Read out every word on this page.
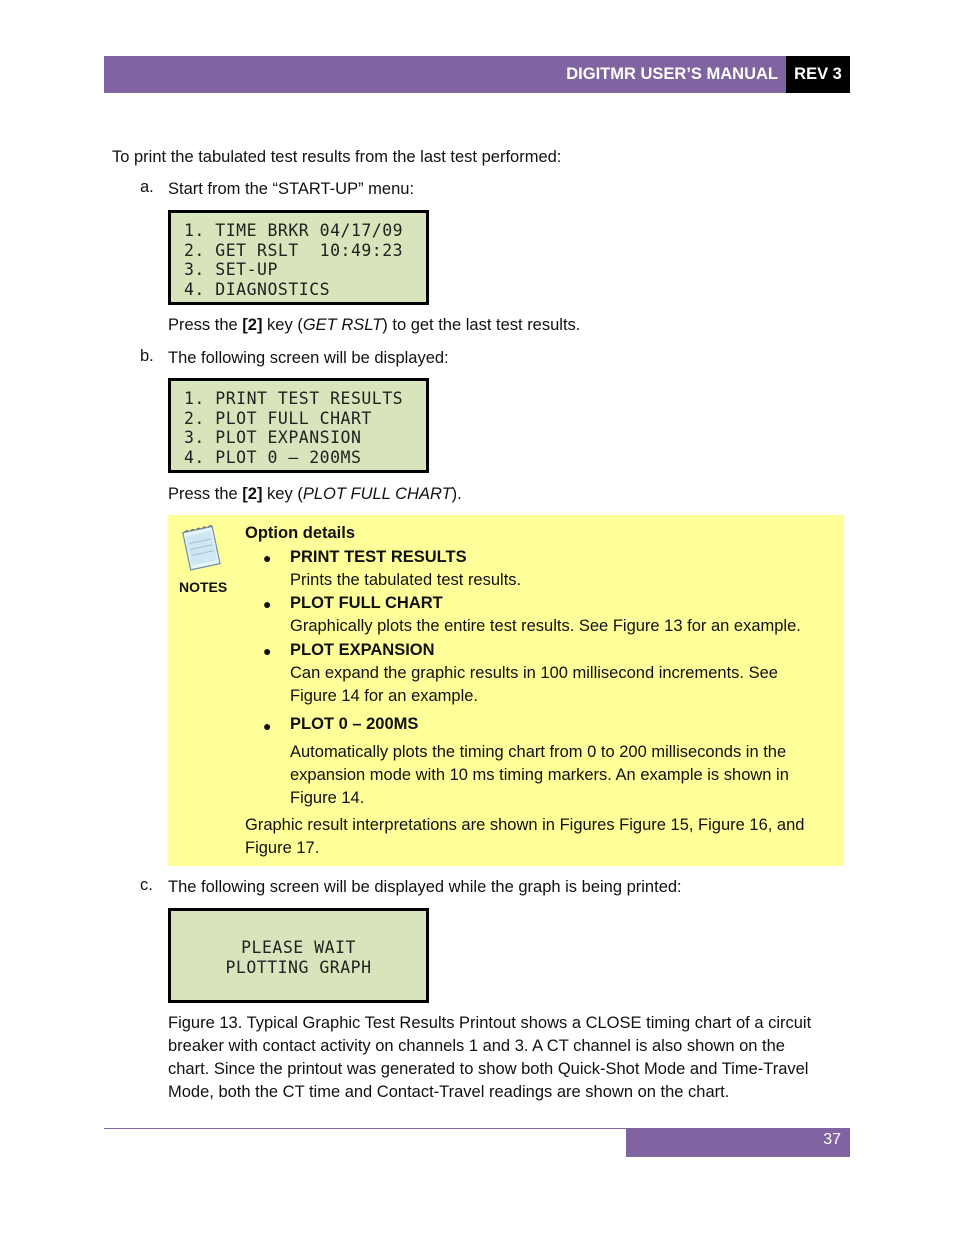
DIGITMR USER’S MANUAL REV 3
To print the tabulated test results from the last test performed:
a. Start from the “START-UP” menu:
1. TIME BRKR 04/17/09
2. GET RSLT  10:49:23
3. SET-UP
4. DIAGNOSTICS
Press the [2] key (GET RSLT) to get the last test results.
b. The following screen will be displayed:
1. PRINT TEST RESULTS
2. PLOT FULL CHART
3. PLOT EXPANSION
4. PLOT 0 – 200MS
Press the [2] key (PLOT FULL CHART).
NOTES
Option details
● PRINT TEST RESULTS
Prints the tabulated test results.
● PLOT FULL CHART
Graphically plots the entire test results. See Figure 13 for an example.
● PLOT EXPANSION
Can expand the graphic results in 100 millisecond increments. See
Figure 14 for an example.
● PLOT 0 – 200MS
Automatically plots the timing chart from 0 to 200 milliseconds in the
expansion mode with 10 ms timing markers. An example is shown in
Figure 14.
Graphic result interpretations are shown in Figures Figure 15, Figure 16, and
Figure 17.
c. The following screen will be displayed while the graph is being printed:
PLEASE WAIT
PLOTTING GRAPH
Figure 13. Typical Graphic Test Results Printout shows a CLOSE timing chart of a circuit
breaker with contact activity on channels 1 and 3. A CT channel is also shown on the
chart. Since the printout was generated to show both Quick-Shot Mode and Time-Travel
Mode, both the CT time and Contact-Travel readings are shown on the chart.
37
